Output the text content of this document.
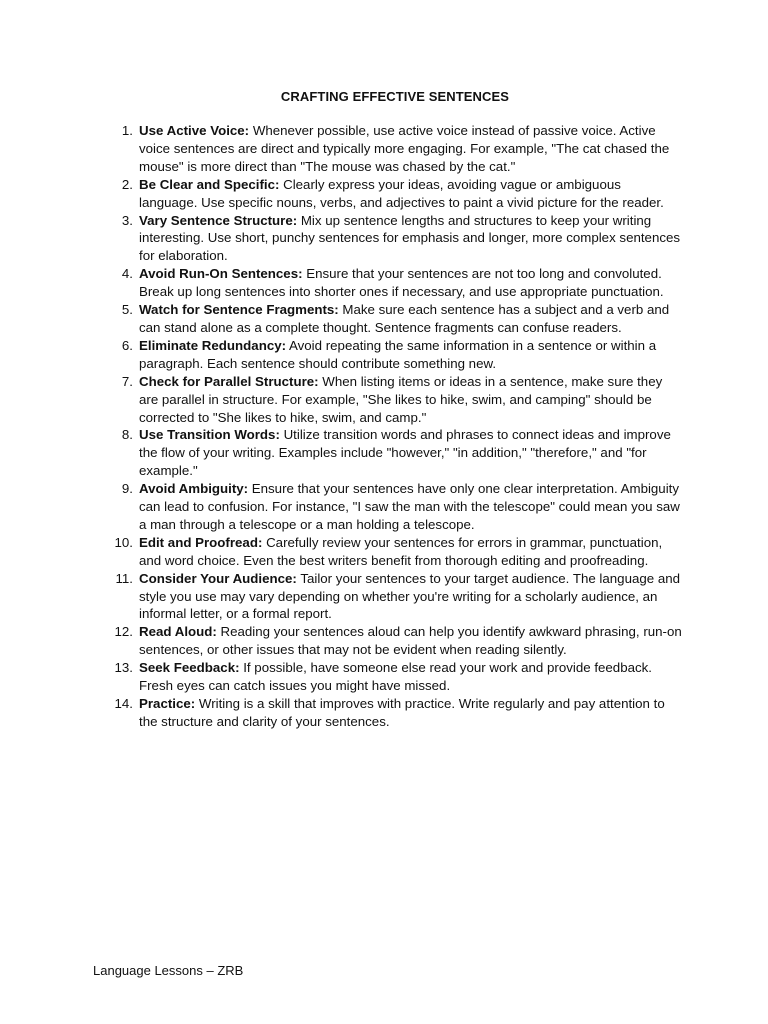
CRAFTING EFFECTIVE SENTENCES
1. Use Active Voice: Whenever possible, use active voice instead of passive voice. Active voice sentences are direct and typically more engaging. For example, "The cat chased the mouse" is more direct than "The mouse was chased by the cat."
2. Be Clear and Specific: Clearly express your ideas, avoiding vague or ambiguous language. Use specific nouns, verbs, and adjectives to paint a vivid picture for the reader.
3. Vary Sentence Structure: Mix up sentence lengths and structures to keep your writing interesting. Use short, punchy sentences for emphasis and longer, more complex sentences for elaboration.
4. Avoid Run-On Sentences: Ensure that your sentences are not too long and convoluted. Break up long sentences into shorter ones if necessary, and use appropriate punctuation.
5. Watch for Sentence Fragments: Make sure each sentence has a subject and a verb and can stand alone as a complete thought. Sentence fragments can confuse readers.
6. Eliminate Redundancy: Avoid repeating the same information in a sentence or within a paragraph. Each sentence should contribute something new.
7. Check for Parallel Structure: When listing items or ideas in a sentence, make sure they are parallel in structure. For example, "She likes to hike, swim, and camping" should be corrected to "She likes to hike, swim, and camp."
8. Use Transition Words: Utilize transition words and phrases to connect ideas and improve the flow of your writing. Examples include "however," "in addition," "therefore," and "for example."
9. Avoid Ambiguity: Ensure that your sentences have only one clear interpretation. Ambiguity can lead to confusion. For instance, "I saw the man with the telescope" could mean you saw a man through a telescope or a man holding a telescope.
10. Edit and Proofread: Carefully review your sentences for errors in grammar, punctuation, and word choice. Even the best writers benefit from thorough editing and proofreading.
11. Consider Your Audience: Tailor your sentences to your target audience. The language and style you use may vary depending on whether you're writing for a scholarly audience, an informal letter, or a formal report.
12. Read Aloud: Reading your sentences aloud can help you identify awkward phrasing, run-on sentences, or other issues that may not be evident when reading silently.
13. Seek Feedback: If possible, have someone else read your work and provide feedback. Fresh eyes can catch issues you might have missed.
14. Practice: Writing is a skill that improves with practice. Write regularly and pay attention to the structure and clarity of your sentences.
Language Lessons – ZRB
